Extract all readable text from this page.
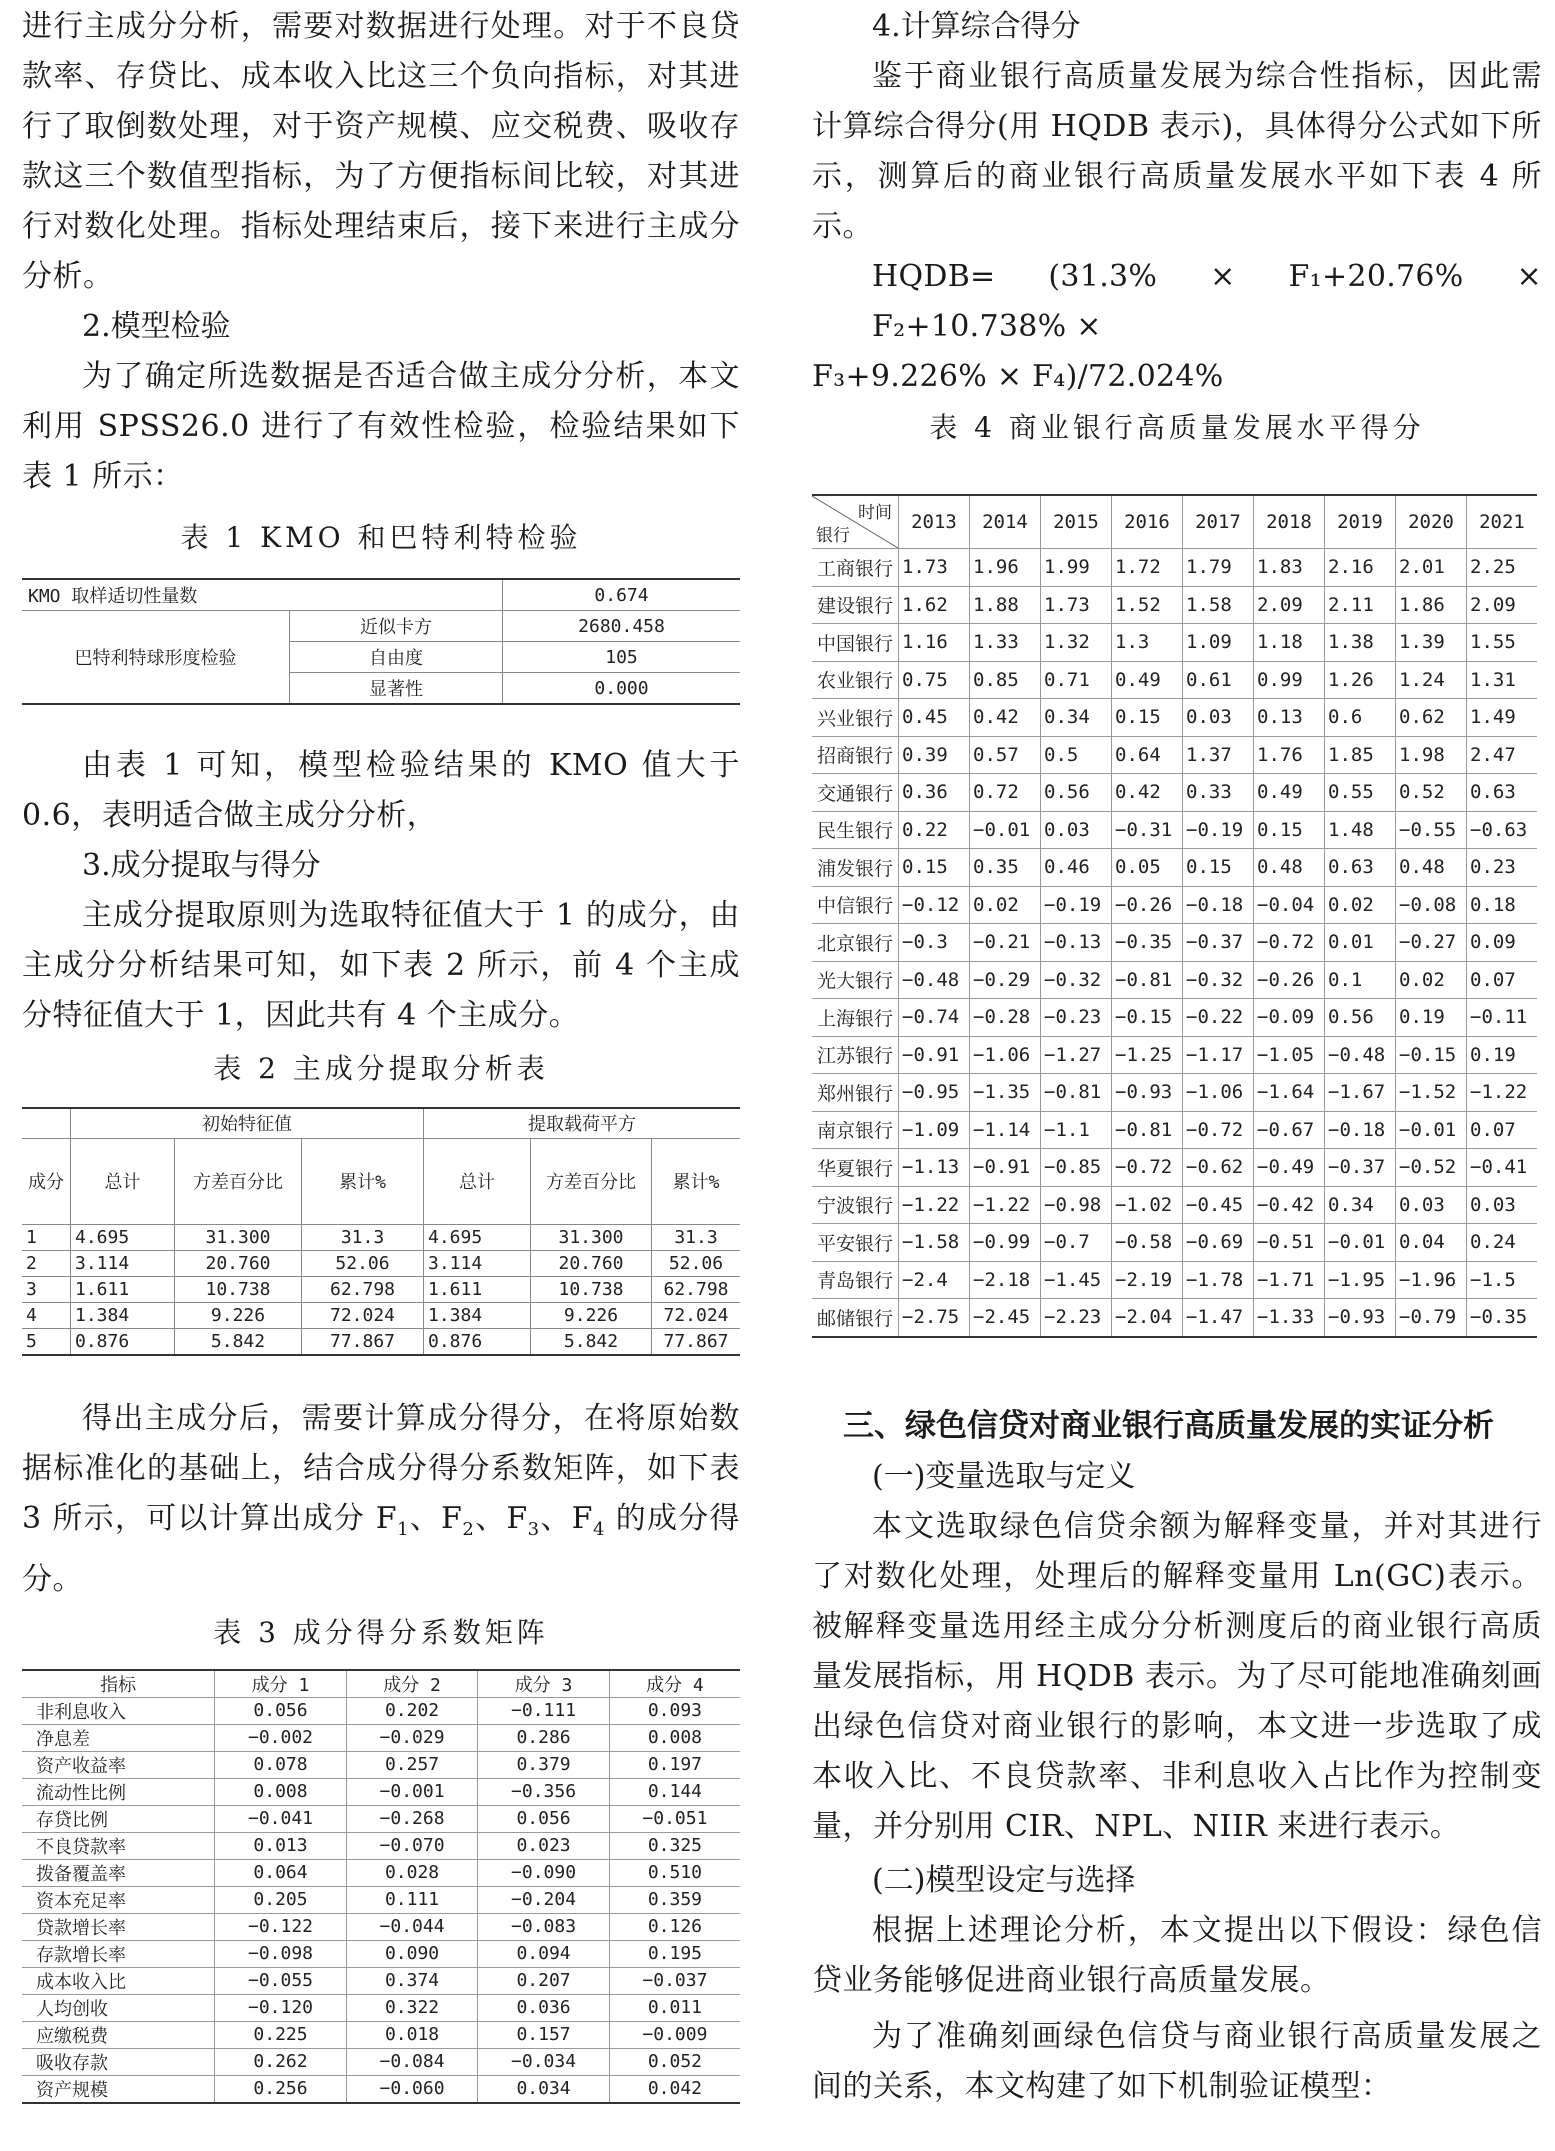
进行主成分分析，需要对数据进行处理。对于不良贷款率、存贷比、成本收入比这三个负向指标，对其进行了取倒数处理，对于资产规模、应交税费、吸收存款这三个数值型指标，为了方便指标间比较，对其进行对数化处理。指标处理结束后，接下来进行主成分分析。

2.模型检验

为了确定所选数据是否适合做主成分分析，本文利用 SPSS26.0 进行了有效性检验，检验结果如下表 1 所示：

表 1 KMO 和巴特利特检验

KMO 取样适切性量数		0.674
巴特利特球形度检验	近似卡方	2680.458
	自由度	105
	显著性	0.000

由表 1 可知，模型检验结果的 KMO 值大于 0.6，表明适合做主成分分析，

3.成分提取与得分

主成分提取原则为选取特征值大于 1 的成分，由主成分分析结果可知，如下表 2 所示，前 4 个主成分特征值大于 1，因此共有 4 个主成分。

表 2 主成分提取分析表

	初始特征值			提取载荷平方		
成分	总计	方差百分比	累计%	总计	方差百分比	累计%
1	4.695	31.300	31.3	4.695	31.300	31.3
2	3.114	20.760	52.06	3.114	20.760	52.06
3	1.611	10.738	62.798	1.611	10.738	62.798
4	1.384	9.226	72.024	1.384	9.226	72.024
5	0.876	5.842	77.867	0.876	5.842	77.867

得出主成分后，需要计算成分得分，在将原始数据标准化的基础上，结合成分得分系数矩阵，如下表 3 所示，可以计算出成分 $F_1$、$F_2$、$F_3$、$F_4$ 的成分得分。

表 3 成分得分系数矩阵

指标	成分 1	成分 2	成分 3	成分 4
非利息收入	0.056	0.202	−0.111	0.093
净息差	−0.002	−0.029	0.286	0.008
资产收益率	0.078	0.257	0.379	0.197
流动性比例	0.008	−0.001	−0.356	0.144
存贷比例	−0.041	−0.268	0.056	−0.051
不良贷款率	0.013	−0.070	0.023	0.325
拨备覆盖率	0.064	0.028	−0.090	0.510
资本充足率	0.205	0.111	−0.204	0.359
贷款增长率	−0.122	−0.044	−0.083	0.126
存款增长率	−0.098	0.090	0.094	0.195
成本收入比	−0.055	0.374	0.207	−0.037
人均创收	−0.120	0.322	0.036	0.011
应缴税费	0.225	0.018	0.157	−0.009
吸收存款	0.262	−0.084	−0.034	0.052
资产规模	0.256	−0.060	0.034	0.042

4.计算综合得分

鉴于商业银行高质量发展为综合性指标，因此需计算综合得分(用 HQDB 表示)，具体得分公式如下所示，测算后的商业银行高质量发展水平如下表 4 所示。

HQDB= (31.3% × F₁+20.76% × F₂+10.738% ×

F₃+9.226% × F₄)/72.024%

表 4 商业银行高质量发展水平得分

时间
银行	2013	2014	2015	2016	2017	2018	2019	2020	2021
工商银行	1.73	1.96	1.99	1.72	1.79	1.83	2.16	2.01	2.25
建设银行	1.62	1.88	1.73	1.52	1.58	2.09	2.11	1.86	2.09
中国银行	1.16	1.33	1.32	1.3	1.09	1.18	1.38	1.39	1.55
农业银行	0.75	0.85	0.71	0.49	0.61	0.99	1.26	1.24	1.31
兴业银行	0.45	0.42	0.34	0.15	0.03	0.13	0.6	0.62	1.49
招商银行	0.39	0.57	0.5	0.64	1.37	1.76	1.85	1.98	2.47
交通银行	0.36	0.72	0.56	0.42	0.33	0.49	0.55	0.52	0.63
民生银行	0.22	−0.01	0.03	−0.31	−0.19	0.15	1.48	−0.55	−0.63
浦发银行	0.15	0.35	0.46	0.05	0.15	0.48	0.63	0.48	0.23
中信银行	−0.12	0.02	−0.19	−0.26	−0.18	−0.04	0.02	−0.08	0.18
北京银行	−0.3	−0.21	−0.13	−0.35	−0.37	−0.72	0.01	−0.27	0.09
光大银行	−0.48	−0.29	−0.32	−0.81	−0.32	−0.26	0.1	0.02	0.07
上海银行	−0.74	−0.28	−0.23	−0.15	−0.22	−0.09	0.56	0.19	−0.11
江苏银行	−0.91	−1.06	−1.27	−1.25	−1.17	−1.05	−0.48	−0.15	0.19
郑州银行	−0.95	−1.35	−0.81	−0.93	−1.06	−1.64	−1.67	−1.52	−1.22
南京银行	−1.09	−1.14	−1.1	−0.81	−0.72	−0.67	−0.18	−0.01	0.07
华夏银行	−1.13	−0.91	−0.85	−0.72	−0.62	−0.49	−0.37	−0.52	−0.41
宁波银行	−1.22	−1.22	−0.98	−1.02	−0.45	−0.42	0.34	0.03	0.03
平安银行	−1.58	−0.99	−0.7	−0.58	−0.69	−0.51	−0.01	0.04	0.24
青岛银行	−2.4	−2.18	−1.45	−2.19	−1.78	−1.71	−1.95	−1.96	−1.5
邮储银行	−2.75	−2.45	−2.23	−2.04	−1.47	−1.33	−0.93	−0.79	−0.35

三、绿色信贷对商业银行高质量发展的实证分析

(一)变量选取与定义

本文选取绿色信贷余额为解释变量，并对其进行了对数化处理，处理后的解释变量用 Ln(GC)表示。被解释变量选用经主成分分析测度后的商业银行高质量发展指标，用 HQDB 表示。为了尽可能地准确刻画出绿色信贷对商业银行的影响，本文进一步选取了成本收入比、不良贷款率、非利息收入占比作为控制变量，并分别用 CIR、NPL、NIIR 来进行表示。

(二)模型设定与选择

根据上述理论分析，本文提出以下假设：绿色信贷业务能够促进商业银行高质量发展。

为了准确刻画绿色信贷与商业银行高质量发展之间的关系，本文构建了如下机制验证模型：
